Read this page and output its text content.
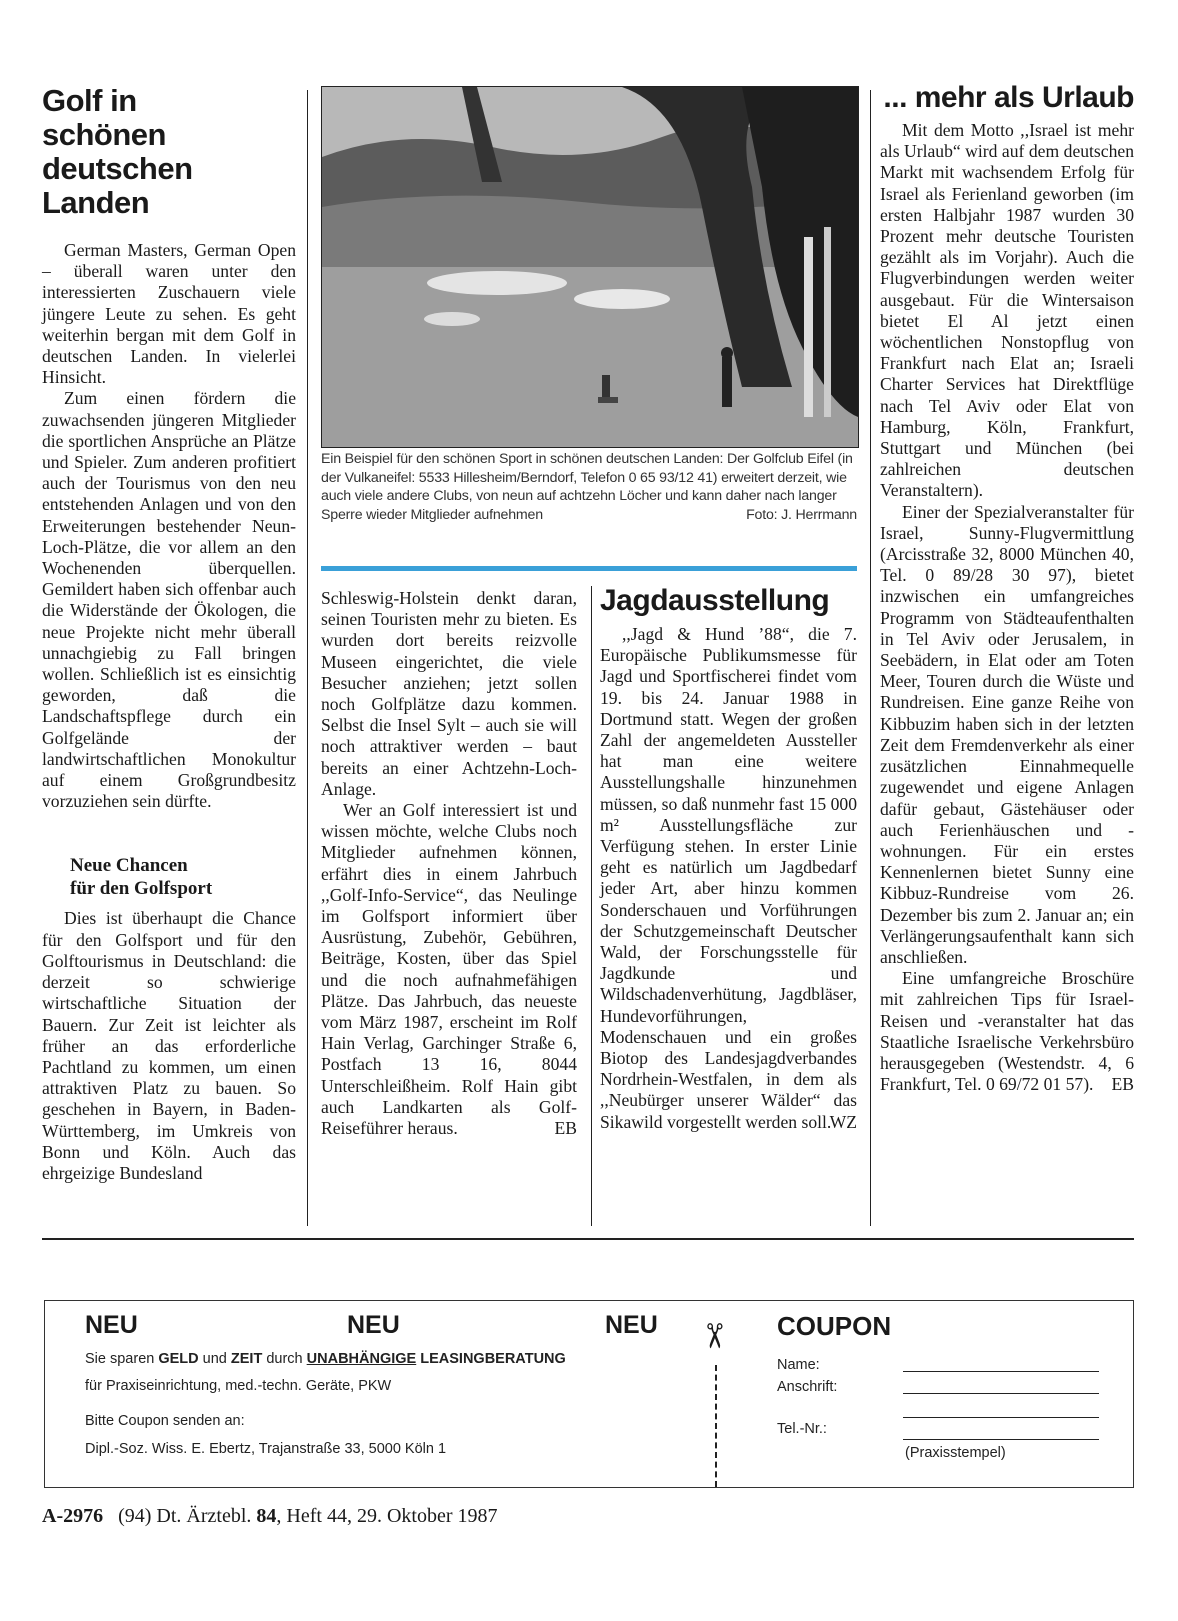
Golf in
schönen deutschen
Landen

German Masters, German Open – überall waren unter den interessierten Zuschauern viele jüngere Leute zu sehen. Es geht weiterhin bergan mit dem Golf in deutschen Landen. In vielerlei Hinsicht.

Zum einen fördern die zuwachsenden jüngeren Mitglieder die sportlichen Ansprüche an Plätze und Spieler. Zum anderen profitiert auch der Tourismus von den neu entstehenden Anlagen und von den Erweiterungen bestehender Neun-Loch-Plätze, die vor allem an den Wochenenden überquellen. Gemildert haben sich offenbar auch die Widerstände der Ökologen, die neue Projekte nicht mehr überall unnachgiebig zu Fall bringen wollen. Schließlich ist es einsichtig geworden, daß die Landschaftspflege durch ein Golfgelände der landwirtschaftlichen Monokultur auf einem Großgrundbesitz vorzuziehen sein dürfte.

Neue Chancen
für den Golfsport

Dies ist überhaupt die Chance für den Golfsport und für den Golftourismus in Deutschland: die derzeit so schwierige wirtschaftliche Situation der Bauern. Zur Zeit ist leichter als früher an das erforderliche Pachtland zu kommen, um einen attraktiven Platz zu bauen. So geschehen in Bayern, in Baden-Württemberg, im Umkreis von Bonn und Köln. Auch das ehrgeizige Bundesland

Ein Beispiel für den schönen Sport in schönen deutschen Landen: Der Golfclub Eifel (in der Vulkaneifel: 5533 Hillesheim/Berndorf, Telefon 0 65 93/12 41) erweitert derzeit, wie auch viele andere Clubs, von neun auf achtzehn Löcher und kann daher nach langer Sperre wieder Mitglieder aufnehmen	Foto: J. Herrmann

Schleswig-Holstein denkt daran, seinen Touristen mehr zu bieten. Es wurden dort bereits reizvolle Museen eingerichtet, die viele Besucher anziehen; jetzt sollen noch Golfplätze dazu kommen. Selbst die Insel Sylt – auch sie will noch attraktiver werden – baut bereits an einer Achtzehn-Loch-Anlage.

Wer an Golf interessiert ist und wissen möchte, welche Clubs noch Mitglieder aufnehmen können, erfährt dies in einem Jahrbuch ,,Golf-Info-Service“, das Neulinge im Golfsport informiert über Ausrüstung, Zubehör, Gebühren, Beiträge, Kosten, über das Spiel und die noch aufnahmefähigen Plätze. Das Jahrbuch, das neueste vom März 1987, erscheint im Rolf Hain Verlag, Garchinger Straße 6, Postfach 13 16, 8044 Unterschleißheim. Rolf Hain gibt auch Landkarten als Golf-Reiseführer heraus.	EB
Jagdausstellung

,,Jagd & Hund ’88“, die 7. Europäische Publikumsmesse für Jagd und Sportfischerei findet vom 19. bis 24. Januar 1988 in Dortmund statt. Wegen der großen Zahl der angemeldeten Aussteller hat man eine weitere Ausstellungshalle hinzunehmen müssen, so daß nunmehr fast 15 000 m² Ausstellungsfläche zur Verfügung stehen. In erster Linie geht es natürlich um Jagdbedarf jeder Art, aber hinzu kommen Sonderschauen und Vorführungen der Schutzgemeinschaft Deutscher Wald, der Forschungsstelle für Jagdkunde und Wildschadenverhütung, Jagdbläser, Hundevorführungen, Modenschauen und ein großes Biotop des Landesjagdverbandes Nordrhein-Westfalen, in dem als ,,Neubürger unserer Wälder“ das Sikawild vorgestellt werden soll.

WZ
... mehr als Urlaub

Mit dem Motto ,,Israel ist mehr als Urlaub“ wird auf dem deutschen Markt mit wachsendem Erfolg für Israel als Ferienland geworben (im ersten Halbjahr 1987 wurden 30 Prozent mehr deutsche Touristen gezählt als im Vorjahr). Auch die Flugverbindungen werden weiter ausgebaut. Für die Wintersaison bietet El Al jetzt einen wöchentlichen Nonstopflug von Frankfurt nach Elat an; Israeli Charter Services hat Direktflüge nach Tel Aviv oder Elat von Hamburg, Köln, Frankfurt, Stuttgart und München (bei zahlreichen deutschen Veranstaltern).

Einer der Spezialveranstalter für Israel, Sunny-Flugvermittlung (Arcisstraße 32, 8000 München 40, Tel. 0 89/28 30 97), bietet inzwischen ein umfangreiches Programm von Städteaufenthalten in Tel Aviv oder Jerusalem, in Seebädern, in Elat oder am Toten Meer, Touren durch die Wüste und Rundreisen. Eine ganze Reihe von Kibbuzim haben sich in der letzten Zeit dem Fremdenverkehr als einer zusätzlichen Einnahmequelle zugewendet und eigene Anlagen dafür gebaut, Gästehäuser oder auch Ferienhäuschen und -wohnungen. Für ein erstes Kennenlernen bietet Sunny eine Kibbuz-Rundreise vom 26. Dezember bis zum 2. Januar an; ein Verlängerungsaufenthalt kann sich anschließen.

Eine umfangreiche Broschüre mit zahlreichen Tips für Israel-Reisen und -veranstalter hat das Staatliche Israelische Verkehrsbüro herausgegeben (Westendstr. 4, 6 Frankfurt, Tel. 0 69/72 01 57).	EB
NEU	NEU	NEU
Sie sparen GELD und ZEIT durch UNABHÄNGIGE LEASINGBERATUNG
für Praxiseinrichtung, med.-techn. Geräte, PKW
Bitte Coupon senden an:
Dipl.-Soz. Wiss. E. Ebertz, Trajanstraße 33, 5000 Köln 1
✂ COUPON
Name:
Anschrift:
Tel.-Nr.:
(Praxisstempel)
A-2976 (94) Dt. Ärztebl. 84, Heft 44, 29. Oktober 1987
